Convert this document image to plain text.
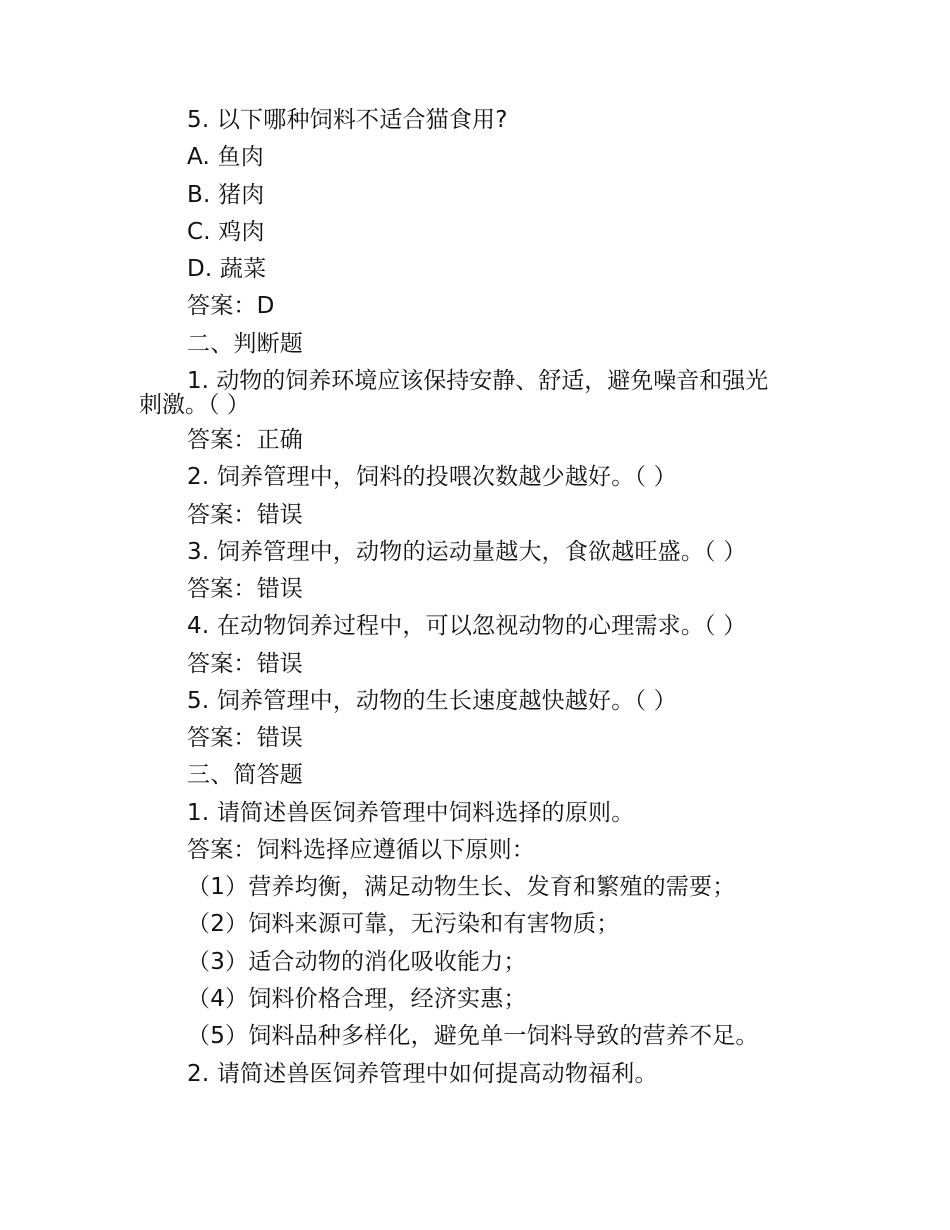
5. 以下哪种饲料不适合猫食用?
A. 鱼肉
B. 猪肉
C. 鸡肉
D. 蔬菜
答案：D
二、判断题
1. 动物的饲养环境应该保持安静、舒适，避免噪音和强光
刺激。（ ）
答案：正确
2. 饲养管理中，饲料的投喂次数越少越好。（ ）
答案：错误
3. 饲养管理中，动物的运动量越大，食欲越旺盛。（ ）
答案：错误
4. 在动物饲养过程中，可以忽视动物的心理需求。（ ）
答案：错误
5. 饲养管理中，动物的生长速度越快越好。（ ）
答案：错误
三、简答题
1. 请简述兽医饲养管理中饲料选择的原则。
答案：饲料选择应遵循以下原则：
（1）营养均衡，满足动物生长、发育和繁殖的需要；
（2）饲料来源可靠，无污染和有害物质；
（3）适合动物的消化吸收能力；
（4）饲料价格合理，经济实惠；
（5）饲料品种多样化，避免单一饲料导致的营养不足。
2. 请简述兽医饲养管理中如何提高动物福利。
